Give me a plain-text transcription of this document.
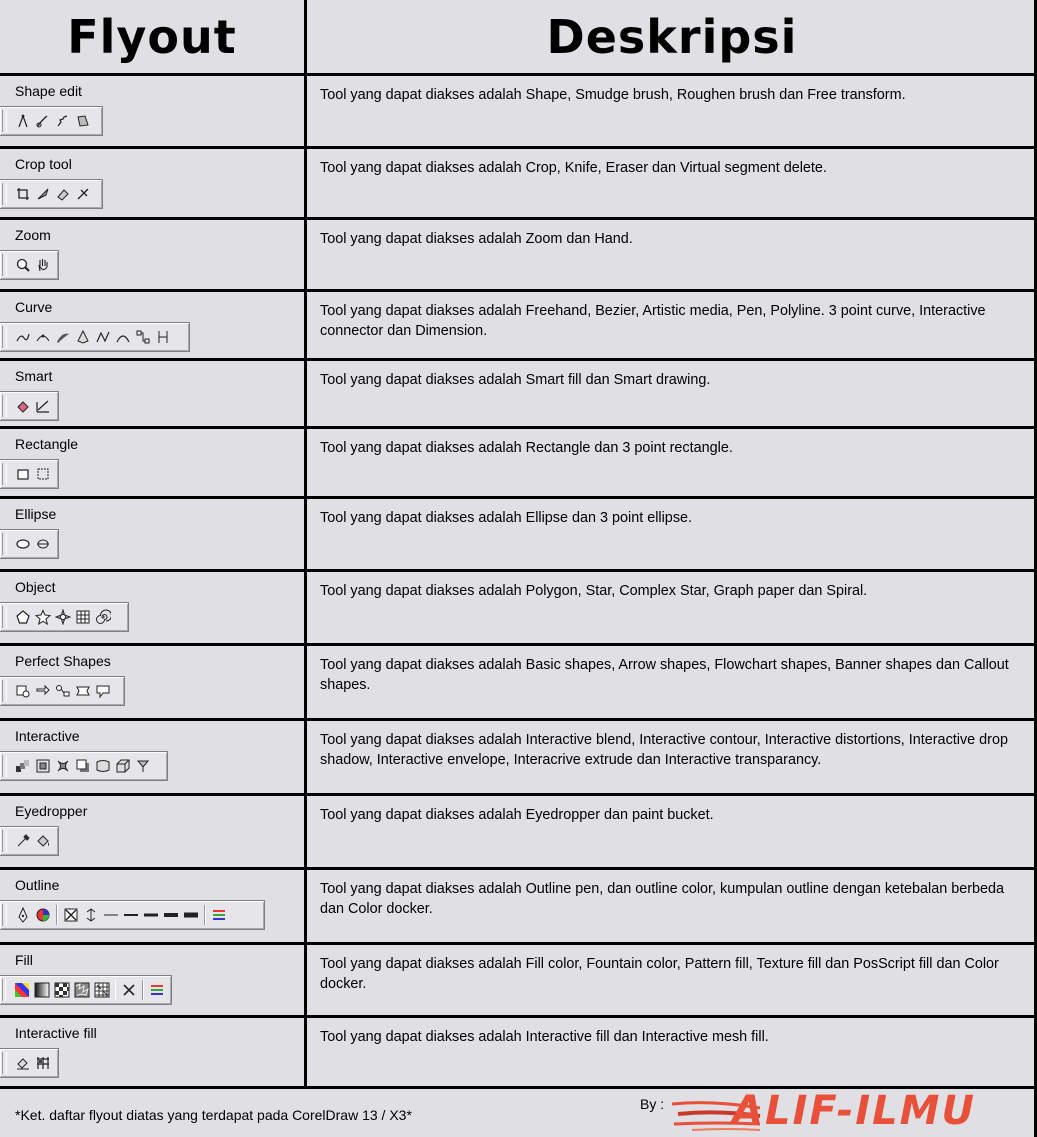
Flyout	Deskripsi
Shape edit	Tool yang dapat diakses adalah Shape, Smudge brush, Roughen brush dan Free transform.
Crop tool	Tool yang dapat diakses adalah Crop, Knife, Eraser dan Virtual segment delete.
Zoom	Tool yang dapat diakses adalah Zoom dan Hand.
Curve	Tool yang dapat diakses adalah Freehand, Bezier, Artistic media, Pen, Polyline. 3 point curve, Interactive connector dan Dimension.
Smart	Tool yang dapat diakses adalah Smart fill dan Smart drawing.
Rectangle	Tool yang dapat diakses adalah Rectangle dan 3 point rectangle.
Ellipse	Tool yang dapat diakses adalah Ellipse dan 3 point ellipse.
Object	Tool yang dapat diakses adalah Polygon, Star, Complex Star, Graph paper dan Spiral.
Perfect Shapes	Tool yang dapat diakses adalah Basic shapes, Arrow shapes, Flowchart shapes, Banner shapes dan Callout shapes.
Interactive	Tool yang dapat diakses adalah Interactive blend, Interactive contour, Interactive distortions, Interactive drop shadow, Interactive envelope, Interacrive extrude dan Interactive transparancy.
Eyedropper	Tool yang dapat diakses adalah Eyedropper dan paint bucket.
Outline	Tool yang dapat diakses adalah Outline pen, dan outline color, kumpulan outline dengan ketebalan berbeda dan Color docker.
Fill	Tool yang dapat diakses adalah Fill color, Fountain color, Pattern fill, Texture fill dan PosScript fill dan Color docker.
Interactive fill	Tool yang dapat diakses adalah Interactive fill dan Interactive mesh fill.
*Ket. daftar flyout diatas yang terdapat pada CorelDraw 13 / X3*
By : ALIF-ILMU
